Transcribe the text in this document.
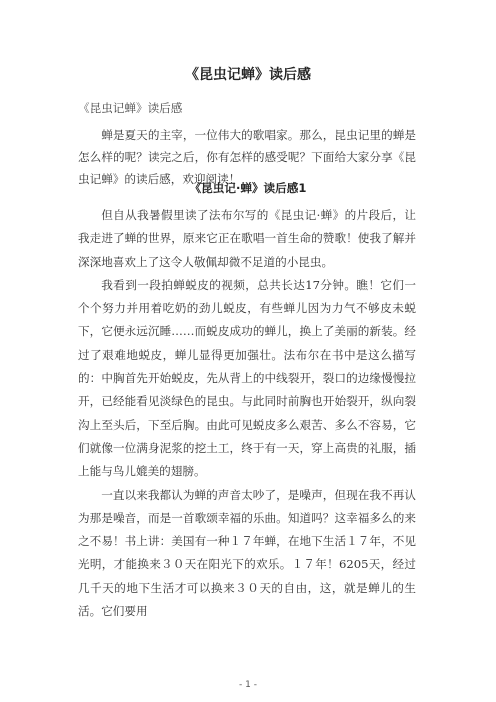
《昆虫记蝉》读后感
《昆虫记蝉》读后感

蝉是夏天的主宰，一位伟大的歌唱家。那么，昆虫记里的蝉是怎么样的呢？读完之后，你有怎样的感受呢？下面给大家分享《昆虫记蝉》的读后感，欢迎阅读！

《昆虫记·蝉》读后感1

但自从我暑假里读了法布尔写的《昆虫记·蝉》的片段后，让我走进了蝉的世界，原来它正在歌唱一首生命的赞歌！使我了解并深深地喜欢上了这令人敬佩却微不足道的小昆虫。

我看到一段拍蝉蜕皮的视频，总共长达17分钟。瞧！它们一个个努力并用着吃奶的劲儿蜕皮，有些蝉儿因为力气不够皮未蜕下，它便永远沉睡……而蜕皮成功的蝉儿，换上了美丽的新装。经过了艰难地蜕皮，蝉儿显得更加强壮。法布尔在书中是这么描写的：中胸首先开始蜕皮，先从背上的中线裂开，裂口的边缘慢慢拉开，已经能看见淡绿色的昆虫。与此同时前胸也开始裂开，纵向裂沟上至头后，下至后胸。由此可见蜕皮多么艰苦、多么不容易，它们就像一位满身泥浆的挖土工，终于有一天，穿上高贵的礼服，插上能与鸟儿媲美的翅膀。

一直以来我都认为蝉的声音太吵了，是噪声，但现在我不再认为那是噪音，而是一首歌颂幸福的乐曲。知道吗？这幸福多么的来之不易！书上讲：美国有一种１７年蝉，在地下生活１７年，不见光明，才能换来３０天在阳光下的欢乐。１７年！6205天，经过几千天的地下生活才可以换来３０天的自由，这，就是蝉儿的生活。它们要用

- 1 -
